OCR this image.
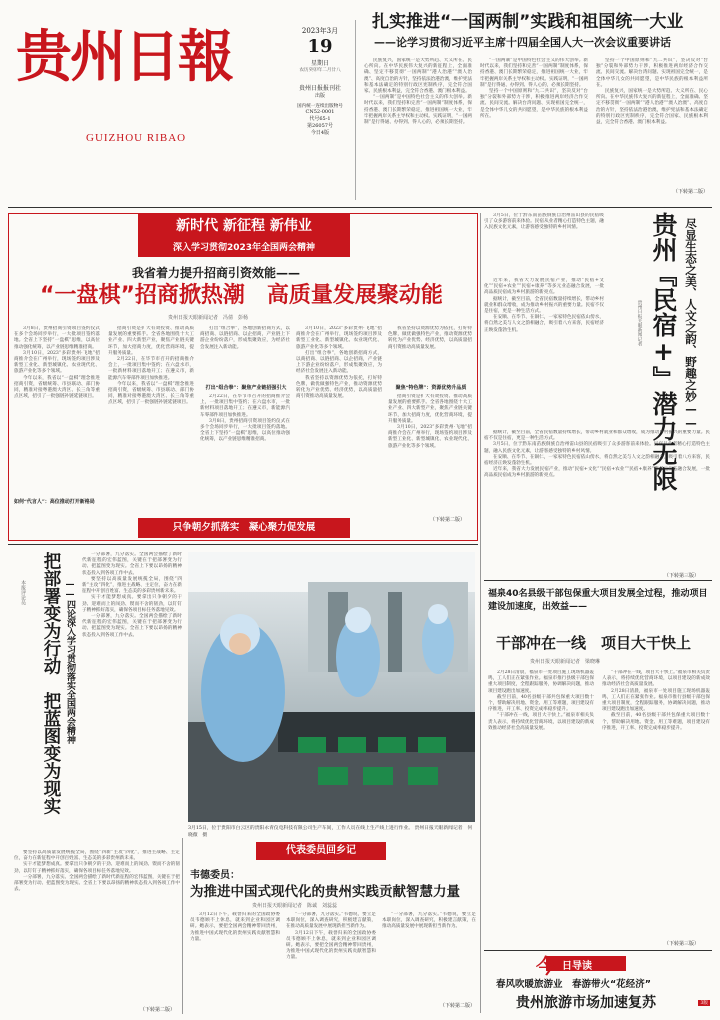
贵州日報
GUIZHOU RIBAO
2023年3月
19
星期日
农历癸卯年二月廿八
贵州日报报刊社
出版
国内统一连续出版物号
CN52-0001
代号65-1
第26057号
今日4版
扎实推进“一国两制”实践和祖国统一大业
——论学习贯彻习近平主席十四届全国人大一次会议重要讲话

民族复兴，国家统一是大势所趋、大义所在、民心所向。在中华民族伟大复兴的新征程上，全面准确、坚定不移贯彻“一国两制”“港人治港”“澳人治澳”、高度自治的方针，坚持依法治港治澳，维护宪法和基本法确定的特别行政区宪制秩序，完全符合国家、民族根本利益，完全符合香港、澳门根本利益。

“一国两制”是中国特色社会主义的伟大创举。新时代以来，我们坚持和完善“一国两制”制度体系，保持香港、澳门长期繁荣稳定，推进祖国统一大业，牢牢把握两岸关系主导权和主动权。实践证明，“一国两制”是行得通、办得到、得人心的，必须长期坚持。

“一国两制”是中国特色社会主义的伟大创举。新时代以来，我们坚持和完善“一国两制”制度体系，保持香港、澳门长期繁荣稳定，推进祖国统一大业，牢牢把握两岸关系主导权和主动权。实践证明，“一国两制”是行得通、办得到、得人心的，必须长期坚持。

坚持一个中国原则和“九二共识”，坚决反对“台独”分裂和外部势力干涉，积极推进两岸经济合作交流、民间交流。解决台湾问题、实现祖国完全统一，是全体中华儿女的共同愿望，是中华民族的根本利益所在。

坚持一个中国原则和“九二共识”，坚决反对“台独”分裂和外部势力干涉，积极推进两岸经济合作交流、民间交流。解决台湾问题、实现祖国完全统一，是全体中华儿女的共同愿望，是中华民族的根本利益所在。

民族复兴，国家统一是大势所趋、大义所在、民心所向。在中华民族伟大复兴的新征程上，全面准确、坚定不移贯彻“一国两制”“港人治港”“澳人治澳”、高度自治的方针，坚持依法治港治澳，维护宪法和基本法确定的特别行政区宪制秩序，完全符合国家、民族根本利益，完全符合香港、澳门根本利益。

（下转第二版）
新时代 新征程 新伟业
深入学习贯彻2023年全国两会精神
我省着力提升招商引资效能——
“一盘棋”招商掀热潮　高质量发展聚动能
贵州日报天眼新闻记者　冯倩　彭杨

3月8日，贵州招商引资项目签约仪式在多个会场同步举行，一大批项目签约落地。全省上下坚持“一盘棋”思维，以高位推动强化统筹，以产业链思维精准招商。

3月10日，2023“多彩贵州·飞地”招商推介会在广州举行，现场签约项目涉及新型工业化、新型城镇化、农业现代化、旅游产业化等多个领域。

今年以来，我省以“一盘棋”理念推进招商引资，省级统筹、市县联动、部门协同，精准对接粤港澳大湾区、长三角等重点区域，招引了一批强链补链延链项目。

如何“代言人”：高位推动打开新格局

招商引资是扩大有效投资、推动高质量发展的重要抓手。全省各地围绕十大工业产业、四大新型产业，聚焦产业链关键环节，加大招商力度，优化营商环境，提升服务质量。

2月22日，在毕节市召开的招商推介会上，一批项目集中签约；在六盘水市，一批新材料项目落地开工；在遵义市，新能源汽车零部件项目加快推进。

今年以来，我省以“一盘棋”理念推进招商引资，省级统筹、市县联动、部门协同，精准对接粤港澳大湾区、长三角等重点区域，招引了一批强链补链延链项目。

打出“组合拳”：聚焦产业链招强引大

打出“组合拳”，各地创新招商方式，以商招商、以链招商、以企招商，产业链上下游企业纷纷落户，形成集聚效应，为经济社会发展注入新动能。

2月22日，在毕节市召开的招商推介会上，一批项目集中签约；在六盘水市，一批新材料项目落地开工；在遵义市，新能源汽车零部件项目加快推进。

3月8日，贵州招商引资项目签约仪式在多个会场同步举行，一大批项目签约落地。全省上下坚持“一盘棋”思维，以高位推动强化统筹，以产业链思维精准招商。

3月10日，2023“多彩贵州·飞地”招商推介会在广州举行，现场签约项目涉及新型工业化、新型城镇化、农业现代化、旅游产业化等多个领域。

打出“组合拳”，各地创新招商方式，以商招商、以链招商、以企招商，产业链上下游企业纷纷落户，形成集聚效应，为经济社会发展注入新动能。

我省坚持以资源优势为依托，打好特色牌，做优做强特色产业，推动资源优势转化为产业优势、经济优势，以高质量招商引资推动高质量发展。

聚焦“特色牌”：资源优势升品质

我省坚持以资源优势为依托，打好特色牌，做优做强特色产业，推动资源优势转化为产业优势、经济优势，以高质量招商引资推动高质量发展。

招商引资是扩大有效投资、推动高质量发展的重要抓手。全省各地围绕十大工业产业、四大新型产业，聚焦产业链关键环节，加大招商力度，优化营商环境，提升服务质量。

3月10日，2023“多彩贵州·飞地”招商推介会在广州举行，现场签约项目涉及新型工业化、新型城镇化、农业现代化、旅游产业化等多个领域。

（下转第二版）
只争朝夕抓落实　凝心聚力促发展

3月5日，位于黔东南苗族侗族自治州雷山县的民宿吸引了众多游客前来体验。民宿从业者精心打造特色主题，融入民族文化元素，让游客感受独特的乡村风情。

近年来，我省大力发展民宿产业，推动“民宿+文化”“民宿+农业”“民宿+康养”等多元业态融合发展，一批高品质民宿成为乡村旅游的新亮点。

据统计，截至目前，全省民宿数量持续增长，带动乡村就业和群众增收，成为推动乡村振兴的重要力量。民宿不仅是住宿，更是一种生活方式。

在安顺、在毕节、在铜仁，一家家特色民宿依山傍水，将自然之美与人文之韵相融合，吸引着八方来客，民宿经济正焕发蓬勃生机。	贵州『民宿+』潜力无限 尽显生态之美、人文之韵、野趣之妙——
贵州日报天眼新闻记者

据统计，截至目前，全省民宿数量持续增长，带动乡村就业和群众增收，成为推动乡村振兴的重要力量。民宿不仅是住宿，更是一种生活方式。

3月5日，位于黔东南苗族侗族自治州雷山县的民宿吸引了众多游客前来体验。民宿从业者精心打造特色主题，融入民族文化元素，让游客感受独特的乡村风情。

在安顺、在毕节、在铜仁，一家家特色民宿依山傍水，将自然之美与人文之韵相融合，吸引着八方来客，民宿经济正焕发蓬勃生机。

近年来，我省大力发展民宿产业，推动“民宿+文化”“民宿+农业”“民宿+康养”等多元业态融合发展，一批高品质民宿成为乡村旅游的新亮点。

（下转第三版）
把部署变为行动　把蓝图变为现实 ——四论深入学习贯彻落实全国两会精神
本报评论员

一分部署，九分落实。全国两会描绘了新时代新征程的宏伟蓝图，关键在于把部署变为行动、把蓝图变为现实。全省上下要以昂扬的精神状态投入到各项工作中去。

要坚持以高质量发展统揽全局，围绕“四新”主攻“四化”，推进主战略、主定位，奋力在新征程中开创百姓富、生态美的多彩贵州新未来。

实干才能梦想成真。要拿出只争朝夕的干劲、迎难而上的闯劲、锲而不舍的韧劲，以钉钉子精神抓好落实，确保各项目标任务落地见效。

一分部署，九分落实。全国两会描绘了新时代新征程的宏伟蓝图，关键在于把部署变为行动、把蓝图变为现实。全省上下要以昂扬的精神状态投入到各项工作中去。

要坚持以高质量发展统揽全局，围绕“四新”主攻“四化”，推进主战略、主定位，奋力在新征程中开创百姓富、生态美的多彩贵州新未来。

实干才能梦想成真。要拿出只争朝夕的干劲、迎难而上的闯劲、锲而不舍的韧劲，以钉钉子精神抓好落实，确保各项目标任务落地见效。

一分部署，九分落实。全国两会描绘了新时代新征程的宏伟蓝图，关键在于把部署变为行动、把蓝图变为现实。全省上下要以昂扬的精神状态投入到各项工作中去。

（下转第二版）
3月15日，位于贵阳市白云区的贵阳永青仪电科技有限公司生产车间，工作人员在线上生产线上进行作业。 贵州日报天眼新闻记者　何晓薇　摄
福泉40名县级干部包保重大项目发展全过程，推动项目建设加速度，出效益——
干部冲在一线　项目大干快上
贵州日报天眼新闻记者　梁晓琳

2月28日清晨，福泉市一处项目施工现场机器轰鸣，工人们正在紧张作业。福泉市推行县级干部包保重大项目制度，全程跟踪服务，协调解决问题，推动项目建设跑出加速度。

截至目前，40名县级干部共包保重大项目数十个，帮助解决用地、资金、用工等难题，项目建设有序推进，开工率、投资完成率稳步提升。

“干部冲在一线，项目大干快上。”福泉市相关负责人表示，将持续优化营商环境，以项目建设的新成效推动经济社会高质量发展。

“干部冲在一线，项目大干快上。”福泉市相关负责人表示，将持续优化营商环境，以项目建设的新成效推动经济社会高质量发展。

2月28日清晨，福泉市一处项目施工现场机器轰鸣，工人们正在紧张作业。福泉市推行县级干部包保重大项目制度，全程跟踪服务，协调解决问题，推动项目建设跑出加速度。

截至目前，40名县级干部共包保重大项目数十个，帮助解决用地、资金、用工等难题，项目建设有序推进，开工率、投资完成率稳步提升。

（下转第三版）
代表委员回乡记
韦德委员：
为推进中国式现代化的贵州实践贡献智慧力量
贵州日报天眼新闻记者　陈诚　刘蕊蕊

3月12日下午，载誉归来的全国政协委员韦德顾不上休息，就来到企业和园区调研。她表示，要把全国两会精神带回贵州，为推进中国式现代化的贵州实践贡献智慧和力量。

“一分部署，九分落实。”韦德说，要立足本职岗位，深入调查研究，积极建言献策，在推动高质量发展中展现新担当新作为。

3月12日下午，载誉归来的全国政协委员韦德顾不上休息，就来到企业和园区调研。她表示，要把全国两会精神带回贵州，为推进中国式现代化的贵州实践贡献智慧和力量。

“一分部署，九分落实。”韦德说，要立足本职岗位，深入调查研究，积极建言献策，在推动高质量发展中展现新担当新作为。

（下转第二版）
今 日导读
春风吹暖旅游业　春游带火“花经济”
贵州旅游市场加速复苏	3版
